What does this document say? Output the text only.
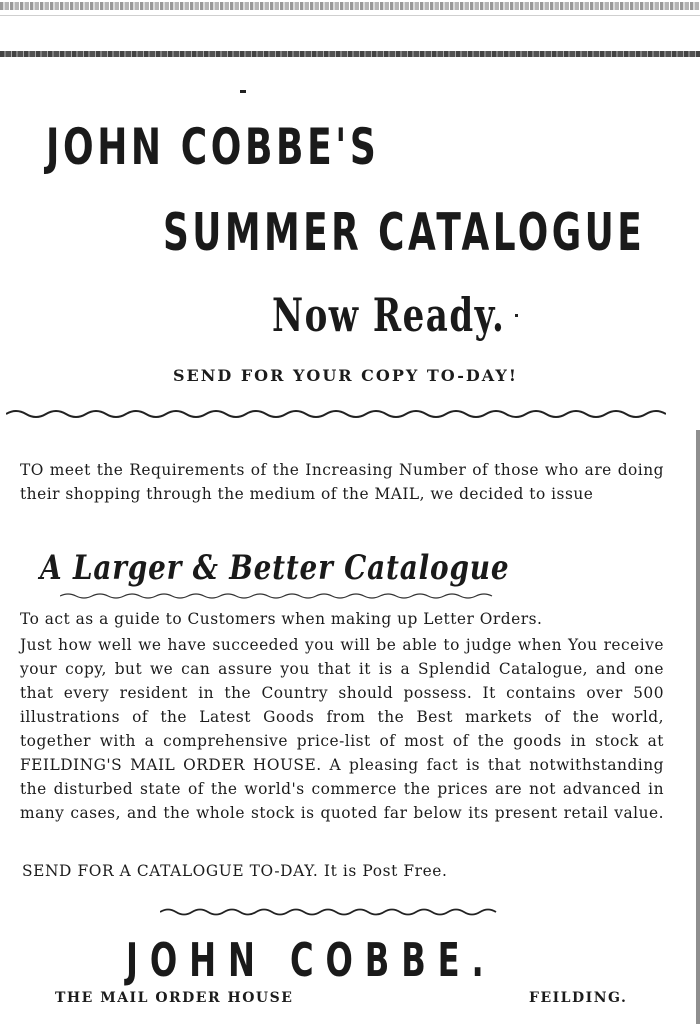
JOHN COBBE'S
SUMMER CATALOGUE
Now Ready.
SEND FOR YOUR COPY TO-DAY!
TO meet the Requirements of the Increasing Number of those who are doing their shopping through the medium of the MAIL, we decided to issue
A Larger & Better Catalogue
To act as a guide to Customers when making up Letter Orders.
Just how well we have succeeded you will be able to judge when You receive your copy, but we can assure you that it is a Splendid Catalogue, and one that every resident in the Country should possess. It contains over 500 illustrations of the Latest Goods from the Best markets of the world, together with a comprehensive price-list of most of the goods in stock at FEILDING'S MAIL ORDER HOUSE. A pleasing fact is that notwithstanding the disturbed state of the world's commerce the prices are not advanced in many cases, and the whole stock is quoted far below its present retail value.
SEND FOR A CATALOGUE TO-DAY. It is Post Free.
JOHN COBBE.
THE MAIL ORDER HOUSE	FEILDING.
